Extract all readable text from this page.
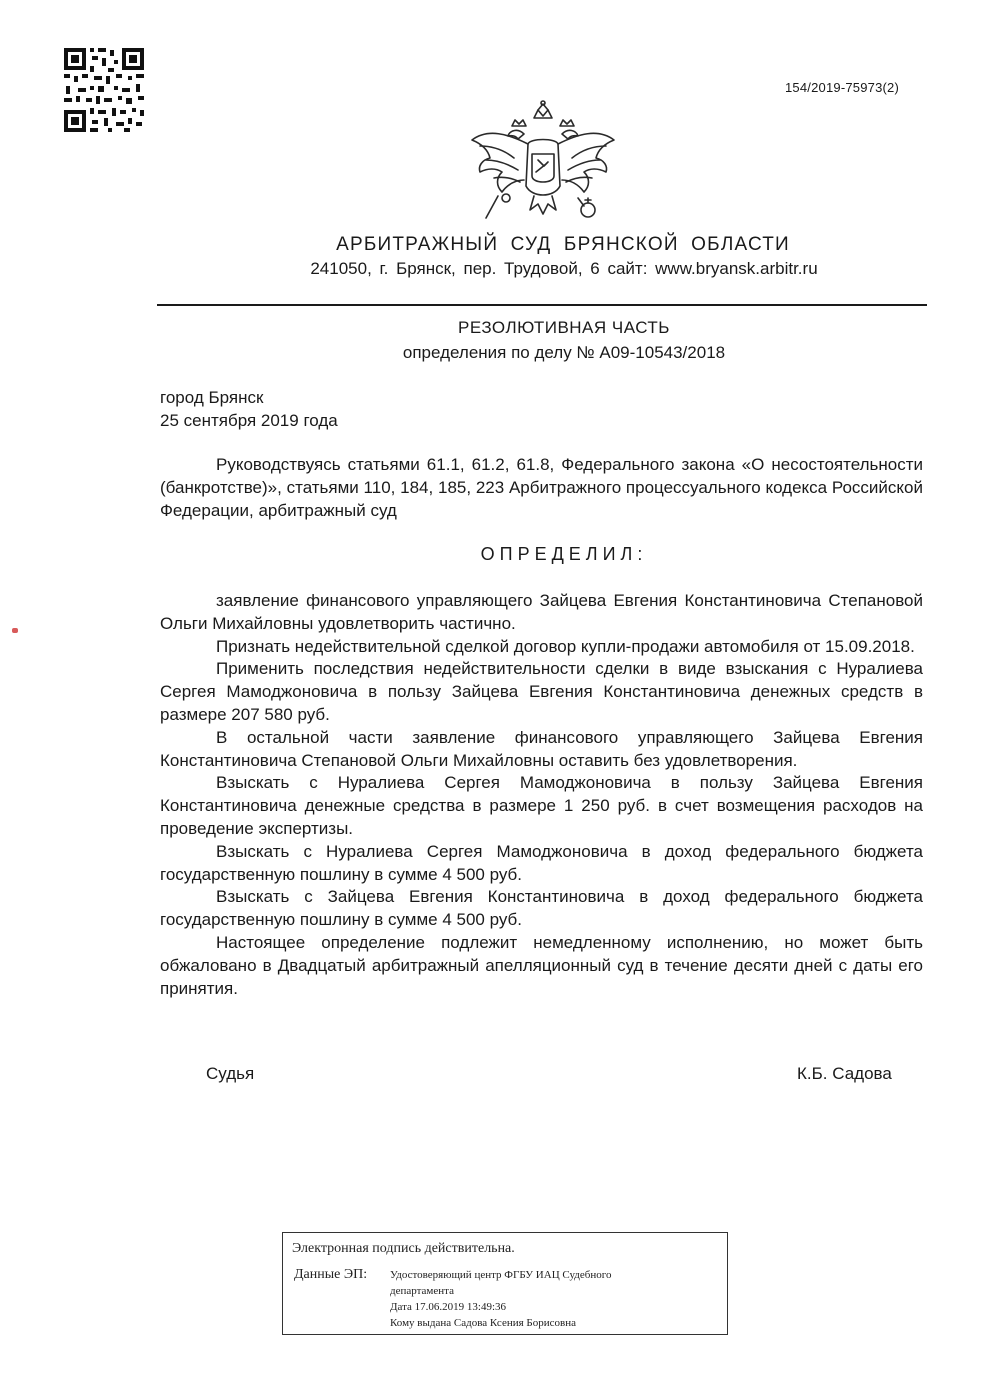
154/2019-75973(2)
АРБИТРАЖНЫЙ СУД БРЯНСКОЙ ОБЛАСТИ
241050, г. Брянск, пер. Трудовой, 6 сайт: www.bryansk.arbitr.ru
РЕЗОЛЮТИВНАЯ ЧАСТЬ
определения по делу № А09-10543/2018
город Брянск
25 сентября 2019 года

Руководствуясь статьями 61.1, 61.2, 61.8, Федерального закона «О несостоятельности (банкротстве)», статьями 110, 184, 185, 223 Арбитражного процессуального кодекса Российской Федерации, арбитражный суд

ОПРЕДЕЛИЛ:

заявление финансового управляющего Зайцева Евгения Константиновича Степановой Ольги Михайловны удовлетворить частично.

Признать недействительной сделкой договор купли-продажи автомобиля от 15.09.2018.

Применить последствия недействительности сделки в виде взыскания с Нуралиева Сергея Мамоджоновича в пользу Зайцева Евгения Константиновича денежных средств в размере 207 580 руб.

В остальной части заявление финансового управляющего Зайцева Евгения Константиновича Степановой Ольги Михайловны оставить без удовлетворения.

Взыскать с Нуралиева Сергея Мамоджоновича в пользу Зайцева Евгения Константиновича денежные средства в размере 1 250 руб. в счет возмещения расходов на проведение экспертизы.

Взыскать с Нуралиева Сергея Мамоджоновича в доход федерального бюджета государственную пошлину в сумме 4 500 руб.

Взыскать с Зайцева Евгения Константиновича в доход федерального бюджета государственную пошлину в сумме 4 500 руб.

Настоящее определение подлежит немедленному исполнению, но может быть обжаловано в Двадцатый арбитражный апелляционный суд в течение десяти дней с даты его принятия.

Судья	К.Б. Садова
Электронная подпись действительна.
Данные ЭП: Удостоверяющий центр ФГБУ ИАЦ Судебного
департамента
Дата 17.06.2019 13:49:36
Кому выдана Садова Ксения Борисовна
